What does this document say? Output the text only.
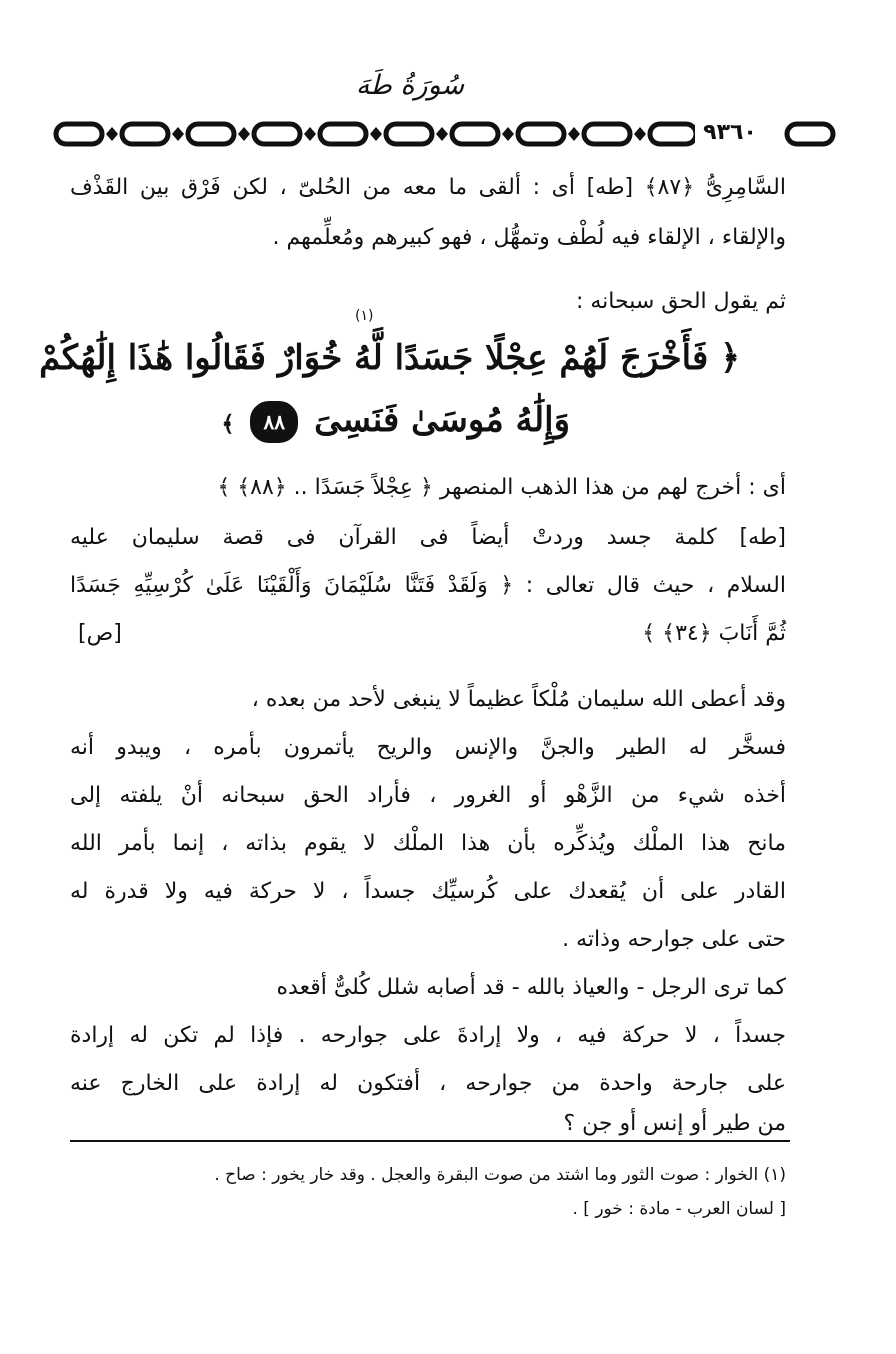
سُورَةُ طَهَ
٩٣٦٠
السَّامِرِىُّ ﴿٨٧﴾ [طه] أى : ألقى ما معه من الحُلىّ ، لكن فَرْق بين القَذْف
والإلقاء ، الإلقاء فيه لُطْف وتمهُّل ، فهو كبيرهم ومُعلِّمهم .
ثم يقول الحق سبحانه :
(١)
﴿ فَأَخْرَجَ لَهُمْ عِجْلًا جَسَدًا لَّهُ خُوَارٌ فَقَالُوا هَٰذَا إِلَٰهُكُمْ
وَإِلَٰهُ مُوسَىٰ فَنَسِىَ ٨٨ ﴾
أى : أخرج لهم من هذا الذهب المنصهر ﴿ عِجْلاً جَسَدًا .. ﴿٨٨﴾ ﴾
[طه] كلمة جسد وردتْ أيضاً فى القرآن فى قصة سليمان عليه
السلام ، حيث قال تعالى : ﴿ وَلَقَدْ فَتَنَّا سُلَيْمَانَ وَأَلْقَيْنَا عَلَىٰ كُرْسِيِّهِ جَسَدًا
ثُمَّ أَنَابَ ﴿٣٤﴾ ﴾
[ص]
وقد أعطى الله سليمان مُلْكاً عظيماً لا ينبغى لأحد من بعده ،
فسخَّر له الطير والجنَّ والإنس والريح يأتمرون بأمره ، ويبدو أنه
أخذه شيء من الزَّهْو أو الغرور ، فأراد الحق سبحانه أنْ يلفته إلى
مانح هذا الملْك ويُذكِّره بأن هذا الملْك لا يقوم بذاته ، إنما بأمر الله
القادر على أن يُقعدك على كُرسيِّك جسداً ، لا حركة فيه ولا قدرة له
حتى على جوارحه وذاته .
كما ترى الرجل - والعياذ بالله - قد أصابه شلل كُلىٌّ أقعده
جسداً ، لا حركة فيه ، ولا إرادةَ على جوارحه . فإذا لم تكن له إرادة
على جارحة واحدة من جوارحه ، أفتكون له إرادة على الخارج عنه
من طير أو إنس أو جن ؟
(١) الخوار : صوت الثور وما اشتد من صوت البقرة والعجل . وقد خار يخور : صاح .
[ لسان العرب - مادة : خور ] .
